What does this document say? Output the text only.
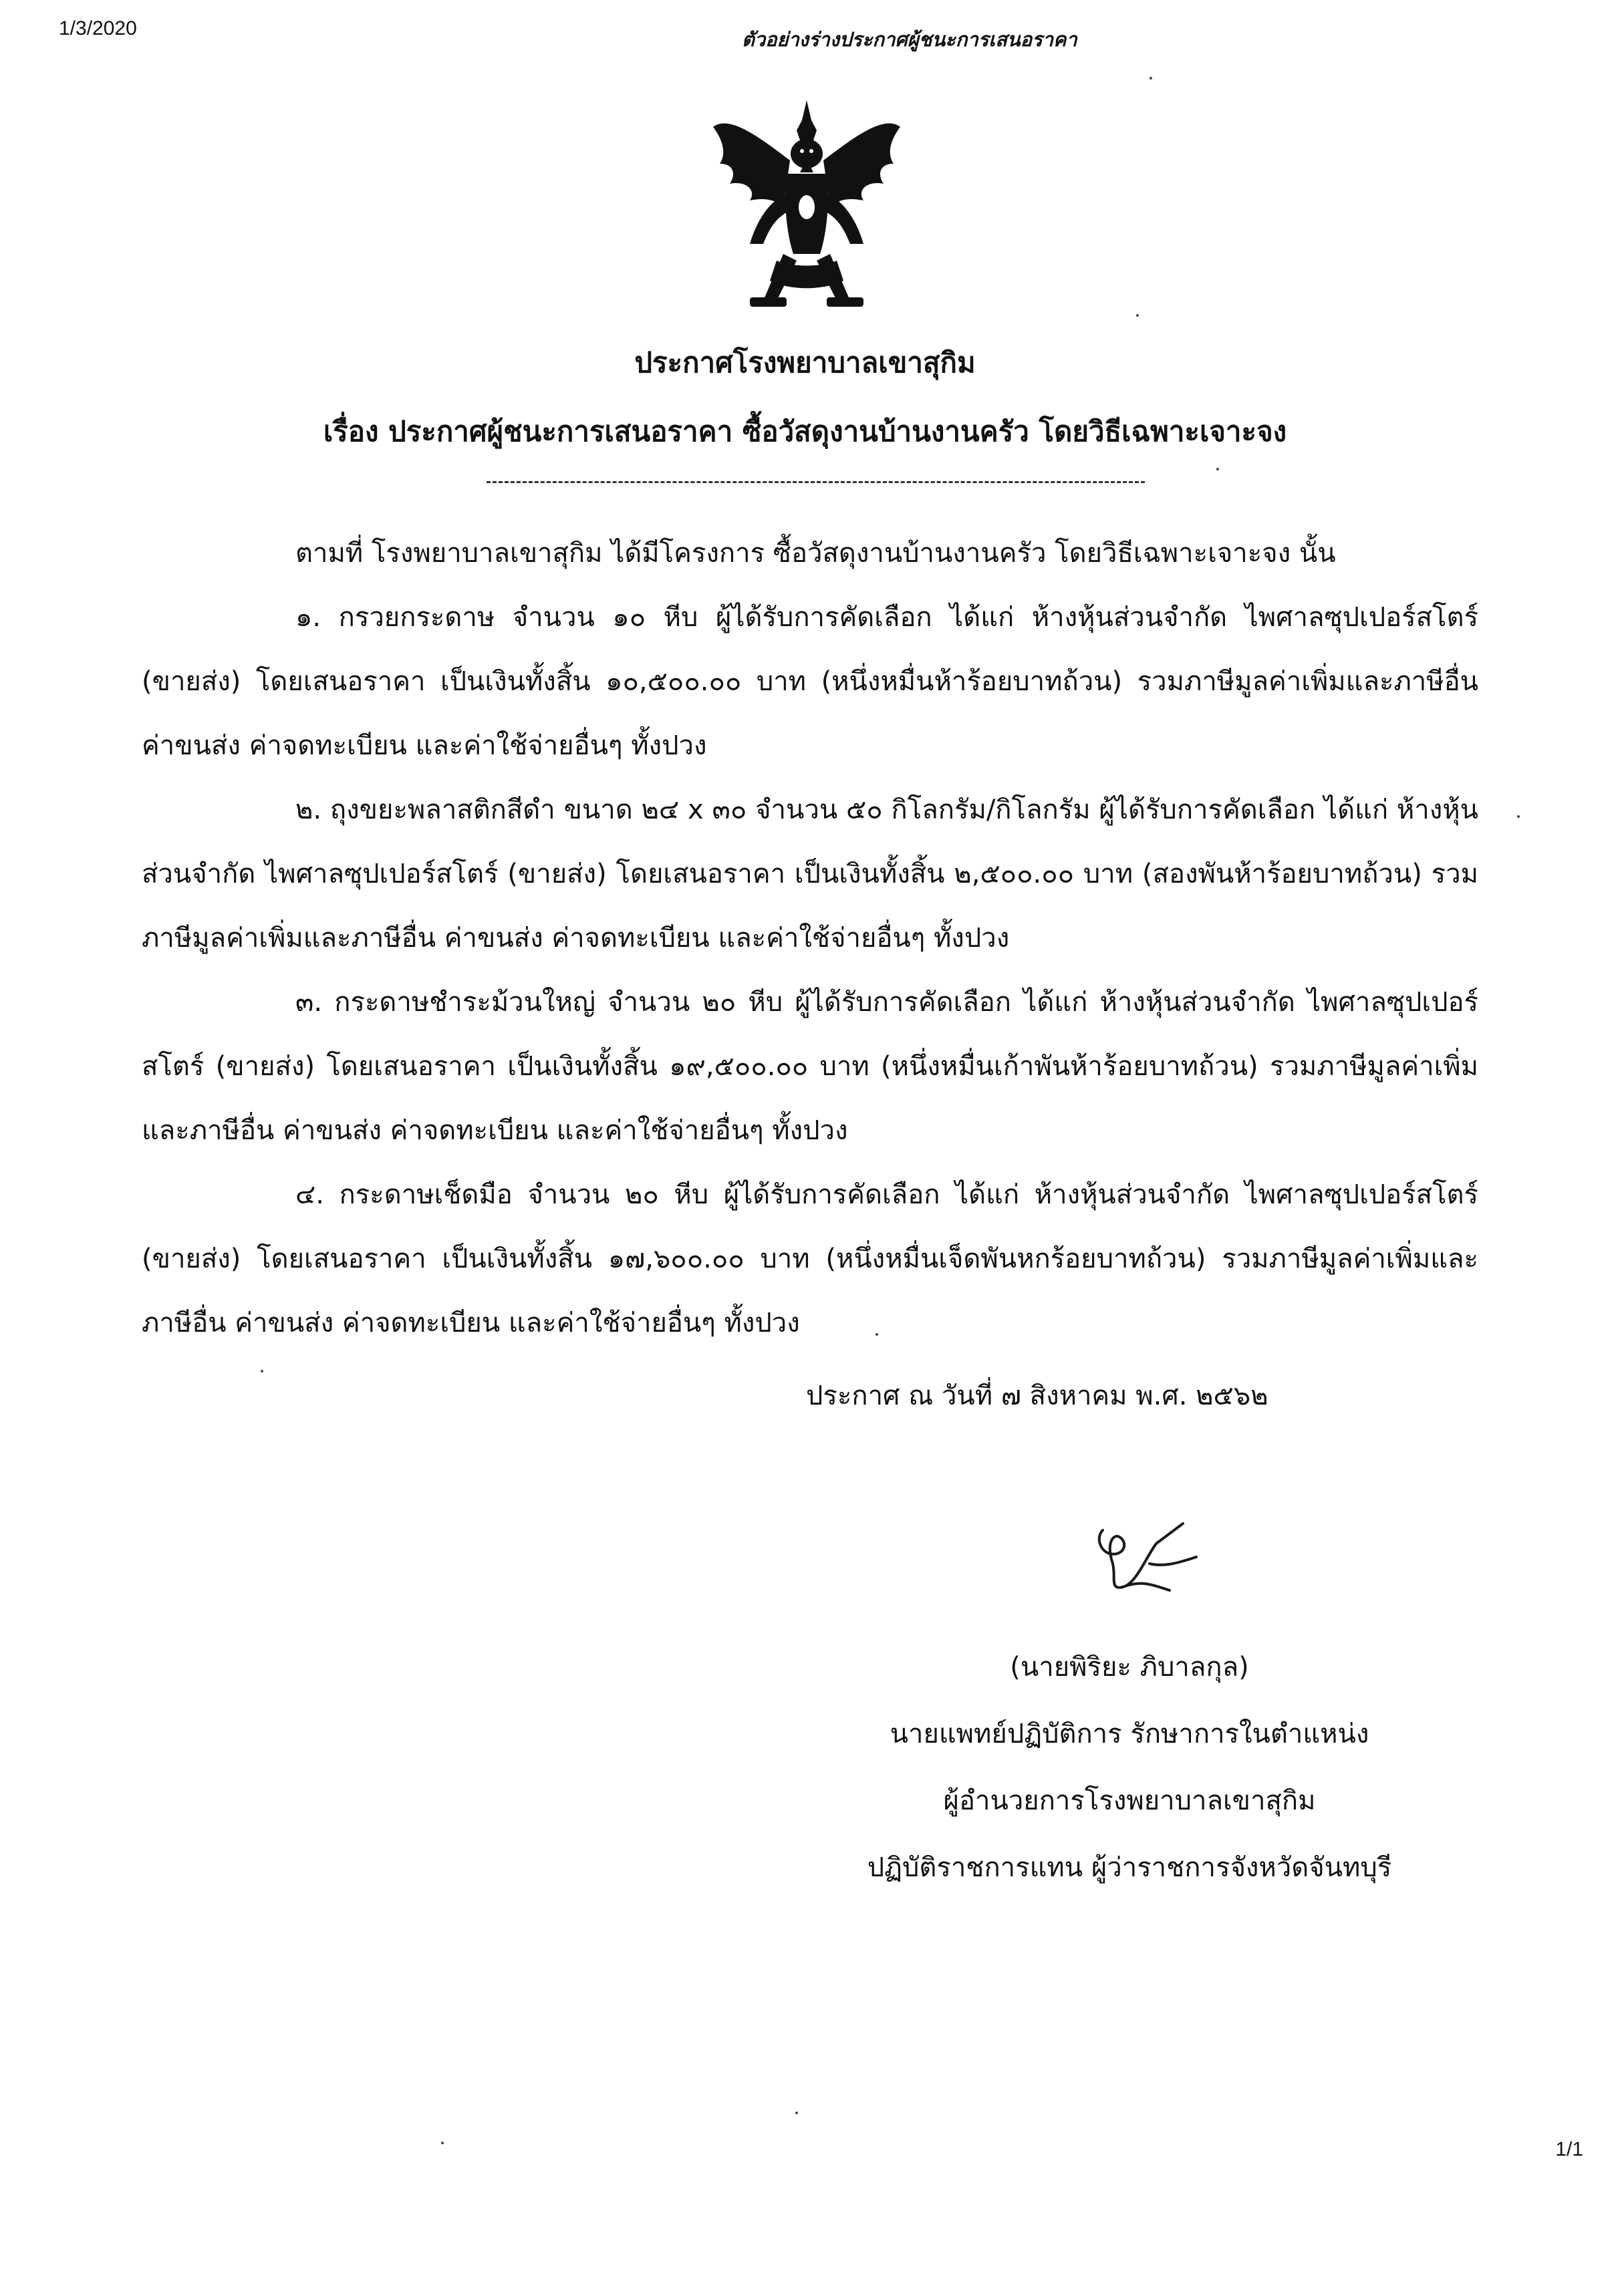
1/3/2020	ตัวอย่างร่างประกาศผู้ชนะการเสนอราคา
ประกาศโรงพยาบาลเขาสุกิม
เรื่อง ประกาศผู้ชนะการเสนอราคา ซื้อวัสดุงานบ้านงานครัว โดยวิธีเฉพาะเจาะจง

ตามที่ โรงพยาบาลเขาสุกิม ได้มีโครงการ ซื้อวัสดุงานบ้านงานครัว โดยวิธีเฉพาะเจาะจง นั้น

๑. กรวยกระดาษ จำนวน ๑๐ หีบ ผู้ได้รับการคัดเลือก ได้แก่ ห้างหุ้นส่วนจำกัด ไพศาลซุปเปอร์สโตร์ (ขายส่ง) โดยเสนอราคา เป็นเงินทั้งสิ้น ๑๐,๕๐๐.๐๐ บาท (หนึ่งหมื่นห้าร้อยบาทถ้วน) รวมภาษีมูลค่าเพิ่มและภาษีอื่น ค่าขนส่ง ค่าจดทะเบียน และค่าใช้จ่ายอื่นๆ ทั้งปวง

๒. ถุงขยะพลาสติกสีดำ ขนาด ๒๔ x ๓๐ จำนวน ๕๐ กิโลกรัม/กิโลกรัม ผู้ได้รับการคัดเลือก ได้แก่ ห้างหุ้นส่วนจำกัด ไพศาลซุปเปอร์สโตร์ (ขายส่ง) โดยเสนอราคา เป็นเงินทั้งสิ้น ๒,๕๐๐.๐๐ บาท (สองพันห้าร้อยบาทถ้วน) รวมภาษีมูลค่าเพิ่มและภาษีอื่น ค่าขนส่ง ค่าจดทะเบียน และค่าใช้จ่ายอื่นๆ ทั้งปวง

๓. กระดาษชำระม้วนใหญ่ จำนวน ๒๐ หีบ ผู้ได้รับการคัดเลือก ได้แก่ ห้างหุ้นส่วนจำกัด ไพศาลซุปเปอร์สโตร์ (ขายส่ง) โดยเสนอราคา เป็นเงินทั้งสิ้น ๑๙,๕๐๐.๐๐ บาท (หนึ่งหมื่นเก้าพันห้าร้อยบาทถ้วน) รวมภาษีมูลค่าเพิ่มและภาษีอื่น ค่าขนส่ง ค่าจดทะเบียน และค่าใช้จ่ายอื่นๆ ทั้งปวง

๔. กระดาษเช็ดมือ จำนวน ๒๐ หีบ ผู้ได้รับการคัดเลือก ได้แก่ ห้างหุ้นส่วนจำกัด ไพศาลซุปเปอร์สโตร์ (ขายส่ง) โดยเสนอราคา เป็นเงินทั้งสิ้น ๑๗,๖๐๐.๐๐ บาท (หนึ่งหมื่นเจ็ดพันหกร้อยบาทถ้วน) รวมภาษีมูลค่าเพิ่มและภาษีอื่น ค่าขนส่ง ค่าจดทะเบียน และค่าใช้จ่ายอื่นๆ ทั้งปวง

ประกาศ ณ วันที่ ๗ สิงหาคม พ.ศ. ๒๕๖๒
(นายพิริยะ ภิบาลกุล)
นายแพทย์ปฏิบัติการ รักษาการในตำแหน่ง
ผู้อำนวยการโรงพยาบาลเขาสุกิม
ปฏิบัติราชการแทน ผู้ว่าราชการจังหวัดจันทบุรี
1/1
